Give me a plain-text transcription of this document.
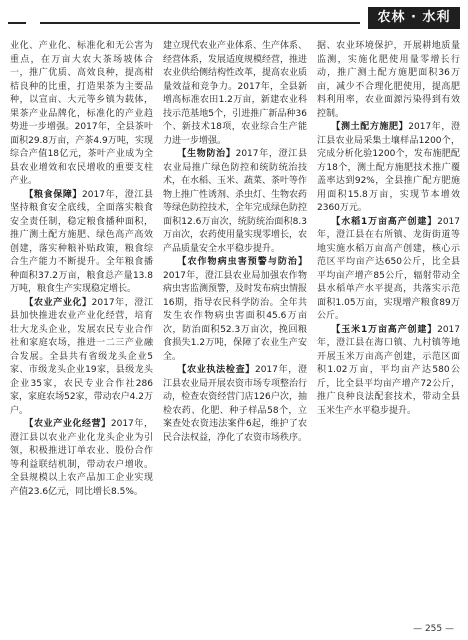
农林 · 水利

业化、产业化、标准化和无公害为重点，在万亩大农大茶场坡体合一，推广优质、高效良种，提高柑桔良种的比重，打造果茶为主要品种，以宣亩、大元等乡镇为载体，果茶产业品牌化，标准化的产业趋势进一步增强。2017年，全县茶叶面积29.8万亩，产茶4.9万吨，实现综合产值18亿元，茶叶产业成为全县农业增效和农民增收的重要支柱产业。

【粮食保障】2017年，澄江县坚持粮食安全底线，全面落实粮食安全责任制，稳定粮食播种面积，推广测土配方施肥、绿色高产高效创建，落实种粮补贴政策，粮食综合生产能力不断提升。全年粮食播种面积37.2万亩，粮食总产量13.8万吨，粮食生产实现稳定增长。

【农业产业化】2017年，澄江县加快推进农业产业化经营，培育壮大龙头企业，发展农民专业合作社和家庭农场，推进一二三产业融合发展。全县共有省级龙头企业5家、市级龙头企业19家，县级龙头企业35家，农民专业合作社286家，家庭农场52家，带动农户4.2万户。

【农业产业化经营】2017年，澄江县以农业产业化龙头企业为引领，积极推进订单农业、股份合作等利益联结机制，带动农户增收。全县规模以上农产品加工企业实现产值23.6亿元，同比增长8.5%。

建立现代农业产业体系、生产体系、经营体系，发展适度规模经营，推进农业供给侧结构性改革，提高农业质量效益和竞争力。2017年，全县新增高标准农田1.2万亩，新建农业科技示范基地5个，引进推广新品种36个、新技术18项，农业综合生产能力进一步增强。

【生物防治】2017年，澄江县农业局推广绿色防控和统防统治技术，在水稻、玉米、蔬菜、茶叶等作物上推广性诱剂、杀虫灯、生物农药等绿色防控技术，全年完成绿色防控面积12.6万亩次，统防统治面积8.3万亩次，农药使用量实现零增长，农产品质量安全水平稳步提升。

【农作物病虫害预警与防治】2017年，澄江县农业局加强农作物病虫害监测预警，及时发布病虫情报16期，指导农民科学防治。全年共发生农作物病虫害面积45.6万亩次，防治面积52.3万亩次，挽回粮食损失1.2万吨，保障了农业生产安全。

【农业执法检查】2017年，澄江县农业局开展农资市场专项整治行动，检查农资经营门店126户次，抽检农药、化肥、种子样品58个，立案查处农资违法案件6起，维护了农民合法权益，净化了农资市场秩序。

据、农业环境保护，开展耕地质量监测，实施化肥使用量零增长行动，推广测土配方施肥面积36万亩，减少不合理化肥使用，提高肥料利用率，农业面源污染得到有效控制。

【测土配方施肥】2017年，澄江县农业局采集土壤样品1200个，完成分析化验1200个，发布施肥配方18个，测土配方施肥技术推广覆盖率达到92%，全县推广配方肥施用面积15.8万亩，实现节本增效2360万元。

【水稻1万亩高产创建】2017年，澄江县在右所镇、龙街街道等地实施水稻万亩高产创建，核心示范区平均亩产达650公斤，比全县平均亩产增产85公斤，辐射带动全县水稻单产水平提高，共落实示范面积1.05万亩，实现增产粮食89万公斤。

【玉米1万亩高产创建】2017年，澄江县在海口镇、九村镇等地开展玉米万亩高产创建，示范区面积1.02万亩，平均亩产达580公斤，比全县平均亩产增产72公斤，推广良种良法配套技术，带动全县玉米生产水平稳步提升。

— 255 —
